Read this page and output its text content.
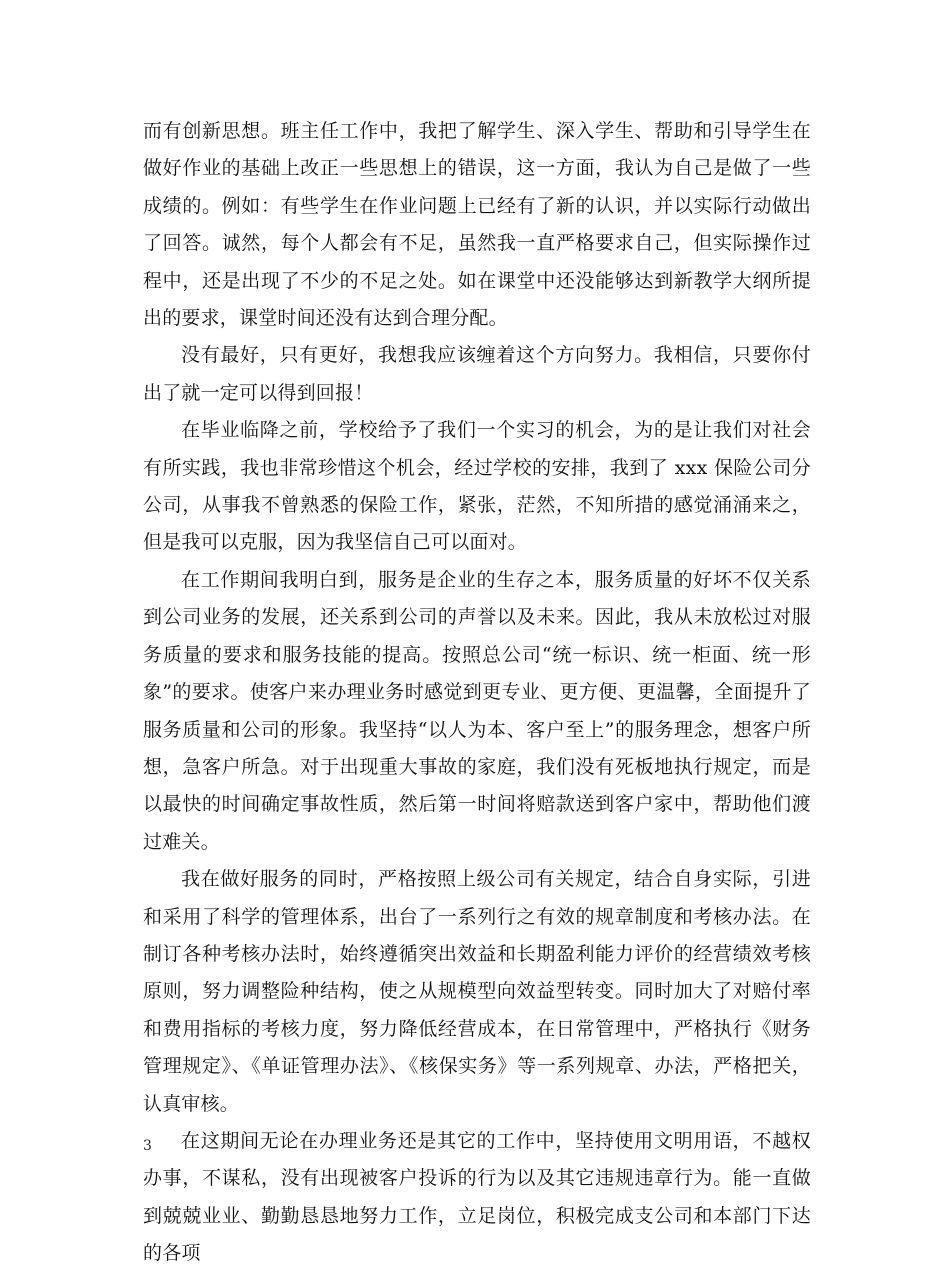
而有创新思想。班主任工作中，我把了解学生、深入学生、帮助和引导学生在做好作业的基础上改正一些思想上的错误，这一方面，我认为自己是做了一些成绩的。例如：有些学生在作业问题上已经有了新的认识，并以实际行动做出了回答。诚然，每个人都会有不足，虽然我一直严格要求自己，但实际操作过程中，还是出现了不少的不足之处。如在课堂中还没能够达到新教学大纲所提出的要求，课堂时间还没有达到合理分配。

没有最好，只有更好，我想我应该缠着这个方向努力。我相信，只要你付出了就一定可以得到回报！

在毕业临降之前，学校给予了我们一个实习的机会，为的是让我们对社会有所实践，我也非常珍惜这个机会，经过学校的安排，我到了 xxx 保险公司分公司，从事我不曾熟悉的保险工作，紧张，茫然，不知所措的感觉涌涌来之，但是我可以克服，因为我坚信自己可以面对。

在工作期间我明白到，服务是企业的生存之本，服务质量的好坏不仅关系到公司业务的发展，还关系到公司的声誉以及未来。因此，我从未放松过对服务质量的要求和服务技能的提高。按照总公司“统一标识、统一柜面、统一形象”的要求。使客户来办理业务时感觉到更专业、更方便、更温馨，全面提升了服务质量和公司的形象。我坚持“以人为本、客户至上”的服务理念，想客户所想，急客户所急。对于出现重大事故的家庭，我们没有死板地执行规定，而是以最快的时间确定事故性质，然后第一时间将赔款送到客户家中，帮助他们渡过难关。

我在做好服务的同时，严格按照上级公司有关规定，结合自身实际，引进和采用了科学的管理体系，出台了一系列行之有效的规章制度和考核办法。在制订各种考核办法时，始终遵循突出效益和长期盈利能力评价的经营绩效考核原则，努力调整险种结构，使之从规模型向效益型转变。同时加大了对赔付率和费用指标的考核力度，努力降低经营成本，在日常管理中，严格执行《财务管理规定》、《单证管理办法》、《核保实务》等一系列规章、办法，严格把关，认真审核。

在这期间无论在办理业务还是其它的工作中，坚持使用文明用语，不越权办事，不谋私，没有出现被客户投诉的行为以及其它违规违章行为。能一直做到兢兢业业、勤勤恳恳地努力工作，立足岗位，积极完成支公司和本部门下达的各项

3
